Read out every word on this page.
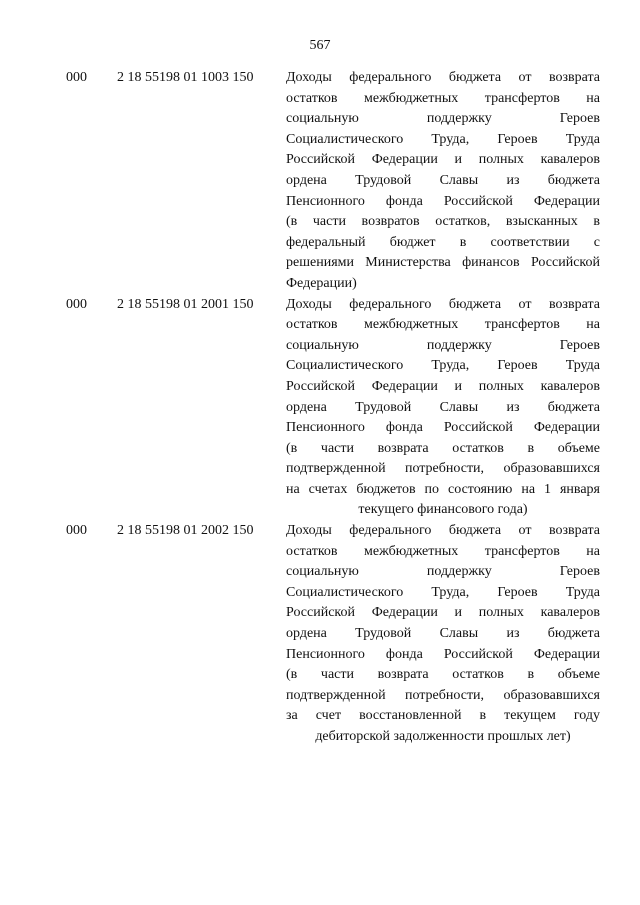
567
000 2 18 55198 01 1003 150 Доходы федерального бюджета от возврата
остатков межбюджетных трансфертов на
социальную поддержку Героев
Социалистического Труда, Героев Труда
Российской Федерации и полных кавалеров
ордена Трудовой Славы из бюджета
Пенсионного фонда Российской Федерации
(в части возвратов остатков, взысканных в
федеральный бюджет в соответствии с
решениями Министерства финансов Российской
Федерации)
000 2 18 55198 01 2001 150 Доходы федерального бюджета от возврата
остатков межбюджетных трансфертов на
социальную поддержку Героев
Социалистического Труда, Героев Труда
Российской Федерации и полных кавалеров
ордена Трудовой Славы из бюджета
Пенсионного фонда Российской Федерации
(в части возврата остатков в объеме
подтвержденной потребности, образовавшихся
на счетах бюджетов по состоянию на 1 января
текущего финансового года)
000 2 18 55198 01 2002 150 Доходы федерального бюджета от возврата
остатков межбюджетных трансфертов на
социальную поддержку Героев
Социалистического Труда, Героев Труда
Российской Федерации и полных кавалеров
ордена Трудовой Славы из бюджета
Пенсионного фонда Российской Федерации
(в части возврата остатков в объеме
подтвержденной потребности, образовавшихся
за счет восстановленной в текущем году
дебиторской задолженности прошлых лет)
